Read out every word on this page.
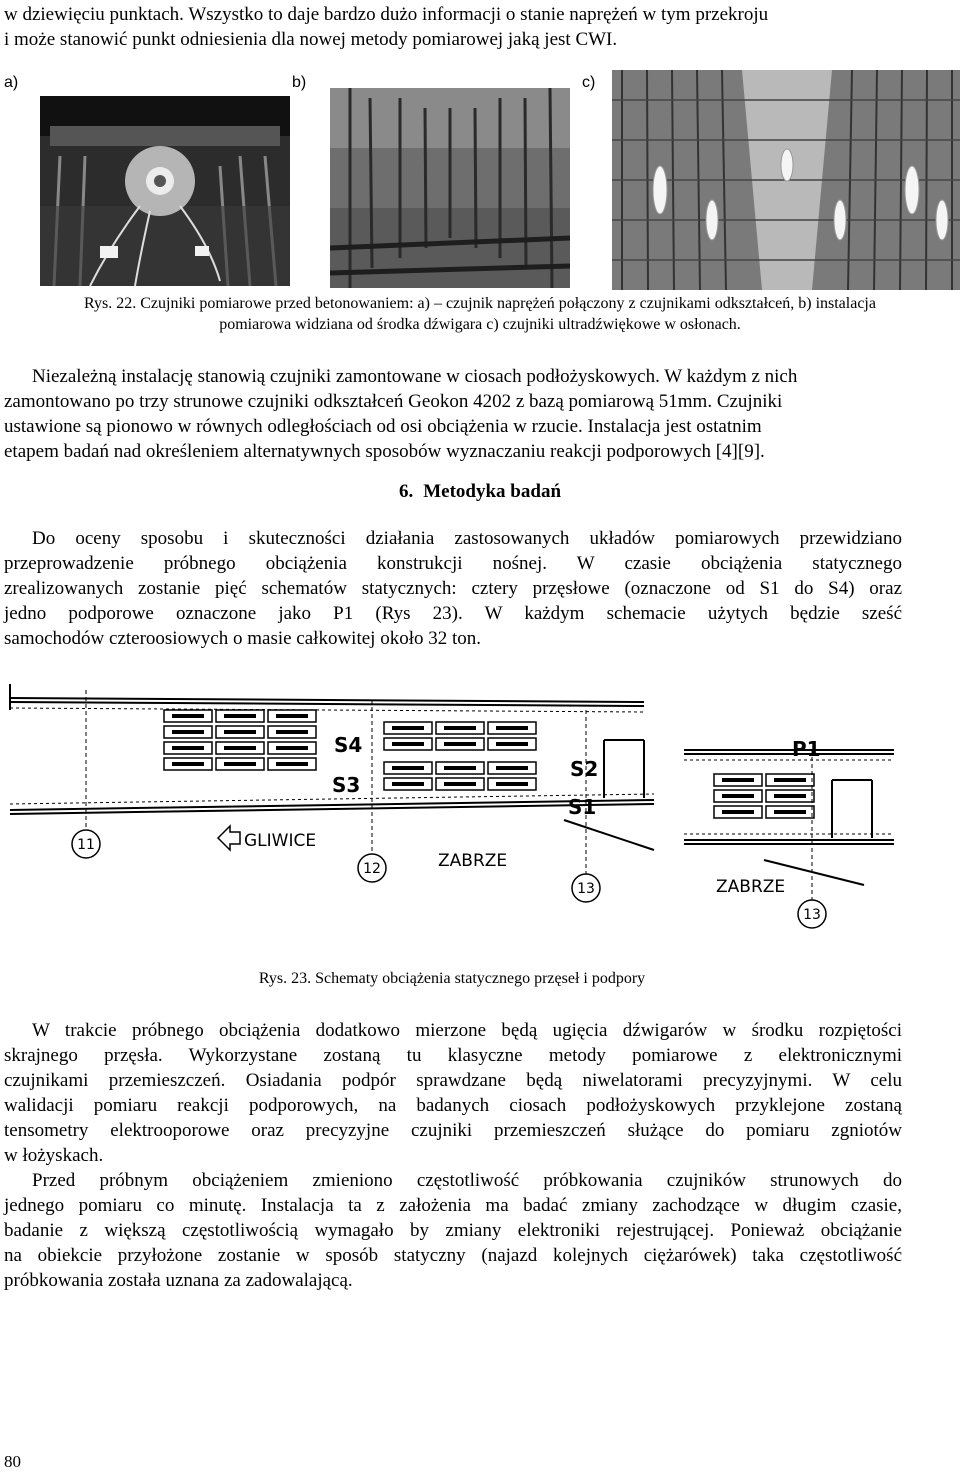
w dziewięciu punktach. Wszystko to daje bardzo dużo informacji o stanie naprężeń w tym przekroju
i może stanowić punkt odniesienia dla nowej metody pomiarowej jaką jest CWI.

a)	b)	c)

Rys. 22. Czujniki pomiarowe przed betonowaniem: a) – czujnik naprężeń połączony z czujnikami odkształceń, b) instalacja
pomiarowa widziana od środka dźwigara c) czujniki ultradźwiękowe w osłonach.

Niezależną instalację stanowią czujniki zamontowane w ciosach podłożyskowych. W każdym z nich
zamontowano po trzy strunowe czujniki odkształceń Geokon 4202 z bazą pomiarową 51mm. Czujniki
ustawione są pionowo w równych odległościach od osi obciążenia w rzucie. Instalacja jest ostatnim
etapem badań nad określeniem alternatywnych sposobów wyznaczaniu reakcji podporowych [4][9].
6. Metodyka badań
Do oceny sposobu i skuteczności działania zastosowanych układów pomiarowych przewidziano
przeprowadzenie próbnego obciążenia konstrukcji nośnej. W czasie obciążenia statycznego
zrealizowanych zostanie pięć schematów statycznych: cztery przęsłowe (oznaczone od S1 do S4) oraz
jedno podporowe oznaczone jako P1 (Rys 23). W każdym schemacie użytych będzie sześć
samochodów czteroosiowych o masie całkowitej około 32 ton.
S4
S3
S2
S1
P1
11
12
13
13
GLIWICE
ZABRZE
ZABRZE

Rys. 23. Schematy obciążenia statycznego przęseł i podpory

W trakcie próbnego obciążenia dodatkowo mierzone będą ugięcia dźwigarów w środku rozpiętości
skrajnego przęsła. Wykorzystane zostaną tu klasyczne metody pomiarowe z elektronicznymi
czujnikami przemieszczeń. Osiadania podpór sprawdzane będą niwelatorami precyzyjnymi. W celu
walidacji pomiaru reakcji podporowych, na badanych ciosach podłożyskowych przyklejone zostaną
tensometry elektrooporowe oraz precyzyjne czujniki przemieszczeń służące do pomiaru zgniotów
w łożyskach.
Przed próbnym obciążeniem zmieniono częstotliwość próbkowania czujników strunowych do
jednego pomiaru co minutę. Instalacja ta z założenia ma badać zmiany zachodzące w długim czasie,
badanie z większą częstotliwością wymagało by zmiany elektroniki rejestrującej. Ponieważ obciążanie
na obiekcie przyłożone zostanie w sposób statyczny (najazd kolejnych ciężarówek) taka częstotliwość
próbkowania została uznana za zadowalającą.
80
